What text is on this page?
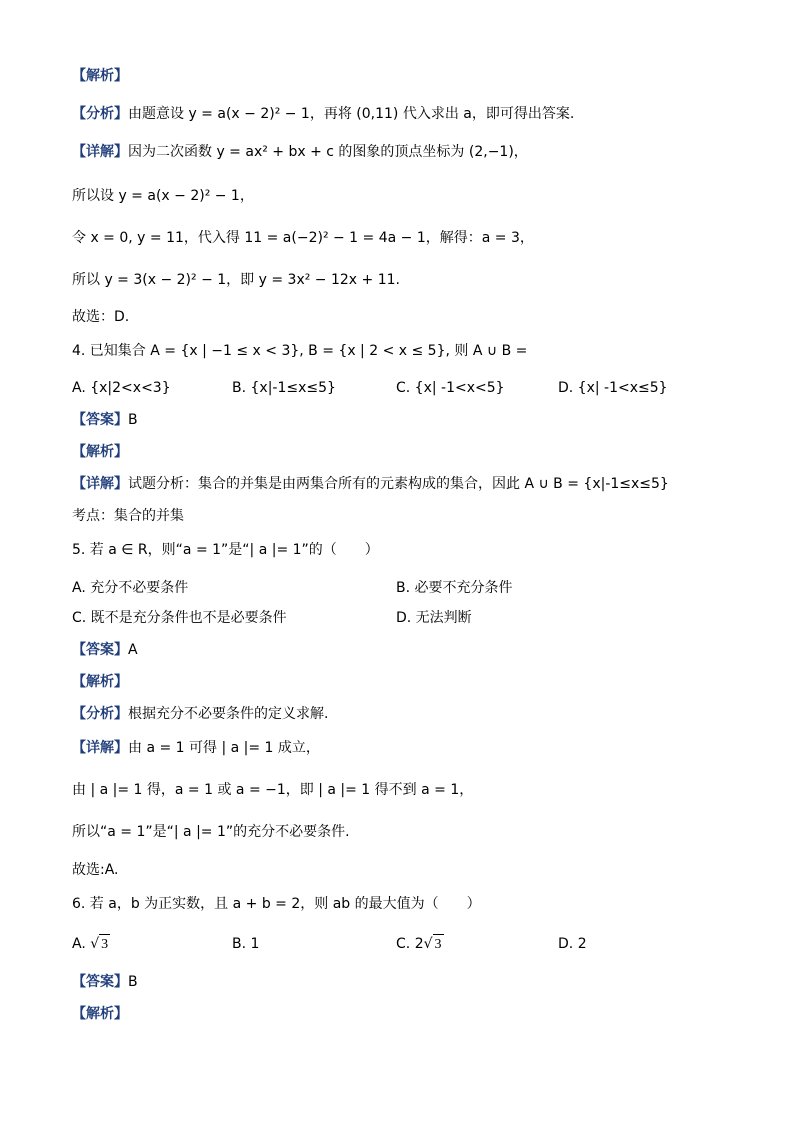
【解析】
【分析】由题意设 y = a(x − 2)² − 1，再将 (0,11) 代入求出 a，即可得出答案.
【详解】因为二次函数 y = ax² + bx + c 的图象的顶点坐标为 (2,−1)，
所以设 y = a(x − 2)² − 1，
令 x = 0, y = 11，代入得 11 = a(−2)² − 1 = 4a − 1，解得：a = 3，
所以 y = 3(x − 2)² − 1，即 y = 3x² − 12x + 11.
故选：D.
4. 已知集合 A = {x | −1 ≤ x < 3}, B = {x | 2 < x ≤ 5}, 则 A ∪ B =
【答案】B
【解析】
【详解】试题分析：集合的并集是由两集合所有的元素构成的集合，因此 A ∪ B = {x|-1≤x≤5}
考点：集合的并集
5. 若 a ∈ R，则“a = 1”是“| a |= 1”的（　　）
【答案】A
【解析】
【分析】根据充分不必要条件的定义求解.
【详解】由 a = 1 可得 | a |= 1 成立，
由 | a |= 1 得，a = 1 或 a = −1，即 | a |= 1 得不到 a = 1，
所以“a = 1”是“| a |= 1”的充分不必要条件.
故选:A.
6. 若 a，b 为正实数，且 a + b = 2，则 ab 的最大值为（　　）
【答案】B
【解析】
A. {x|2<x<3}	B. {x|-1≤x≤5}	C. {x| -1<x<5}	D. {x| -1<x≤5}
A. 充分不必要条件	B. 必要不充分条件
C. 既不是充分条件也不是必要条件	D. 无法判断
A. √ 3	B. 1	C. 2√ 3	D. 2
